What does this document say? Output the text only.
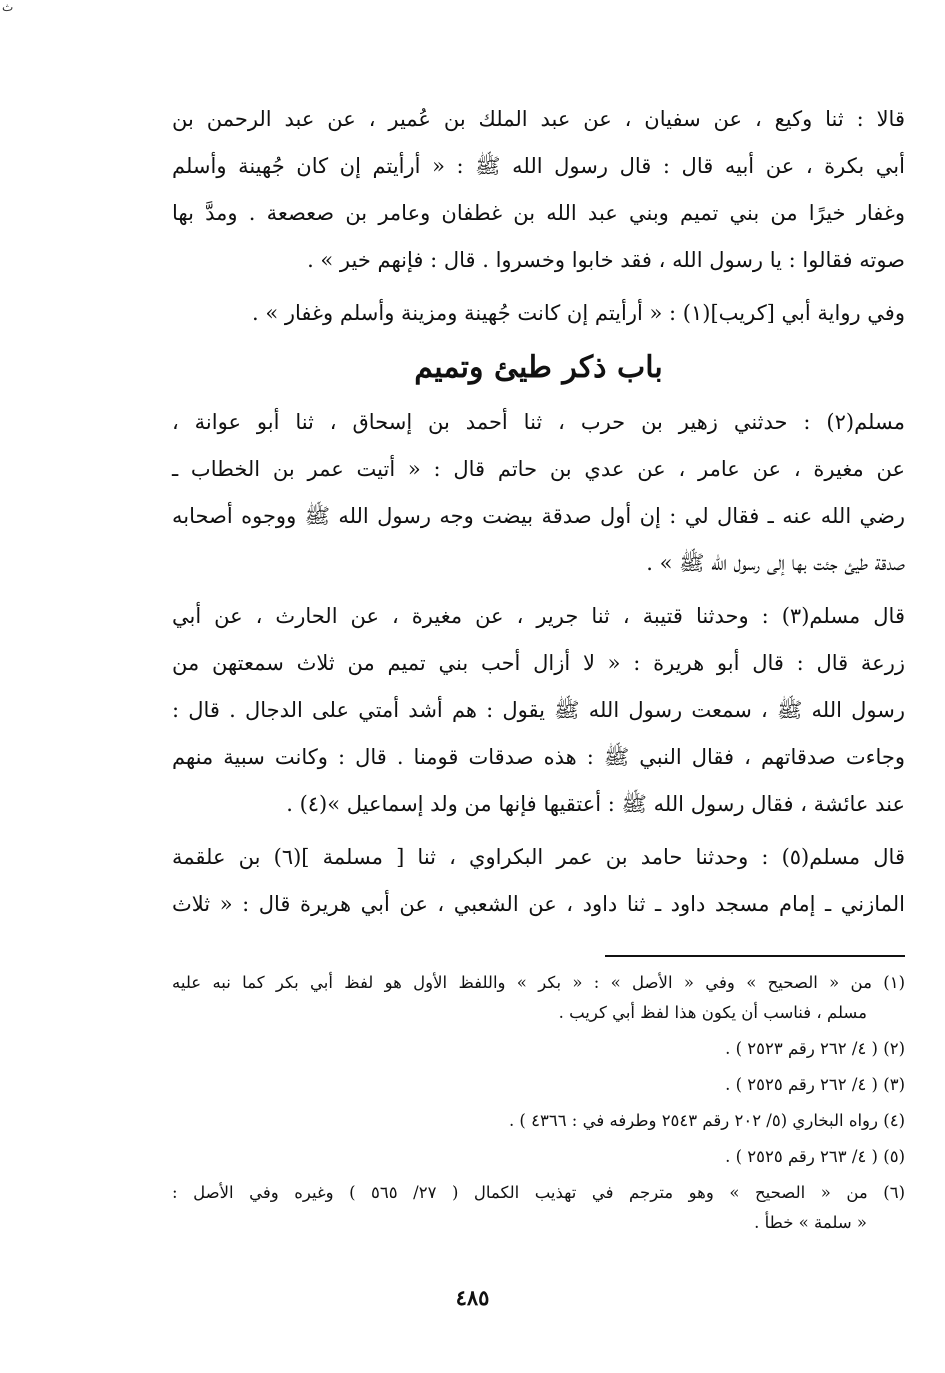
ث
قالا : ثنا وكيع ، عن سفيان ، عن عبد الملك بن عُمير ، عن عبد الرحمن بن
أبي بكرة ، عن أبيه قال : قال رسول الله ﷺ : « أرأيتم إن كان جُهينة وأسلم
وغفار خيرًا من بني تميم وبني عبد الله بن غطفان وعامر بن صعصعة . ومدَّ بها
صوته فقالوا : يا رسول الله ، فقد خابوا وخسروا . قال : فإنهم خير » .
وفي رواية أبي [كريب](١) : « أرأيتم إن كانت جُهينة ومزينة وأسلم وغفار » .
باب ذكر طيئ وتميم
مسلم(٢) : حدثني زهير بن حرب ، ثنا أحمد بن إسحاق ، ثنا أبو عوانة ،
عن مغيرة ، عن عامر ، عن عدي بن حاتم قال : « أتيت عمر بن الخطاب ـ
رضي الله عنه ـ فقال لي : إن أول صدقة بيضت وجه رسول الله ﷺ ووجوه أصحابه
صدقة طيئ جئت بها إلى رسول الله ﷺ » .
قال مسلم(٣) : وحدثنا قتيبة ، ثنا جرير ، عن مغيرة ، عن الحارث ، عن أبي
زرعة قال : قال أبو هريرة : « لا أزال أحب بني تميم من ثلاث سمعتهن من
رسول الله ﷺ ، سمعت رسول الله ﷺ يقول : هم أشد أمتي على الدجال . قال :
وجاءت صدقاتهم ، فقال النبي ﷺ : هذه صدقات قومنا . قال : وكانت سبية منهم
عند عائشة ، فقال رسول الله ﷺ : أعتقيها فإنها من ولد إسماعيل »(٤) .
قال مسلم(٥) : وحدثنا حامد بن عمر البكراوي ، ثنا [ مسلمة ](٦) بن علقمة
المازني ـ إمام مسجد داود ـ ثنا داود ، عن الشعبي ، عن أبي هريرة قال : « ثلاث
(١) من « الصحيح » وفي « الأصل » : « بكر » واللفظ الأول هو لفظ أبي بكر كما نبه عليه
مسلم ، فناسب أن يكون هذا لفظ أبي كريب .
(٢) ( ٤/ ٢٦٢ رقم ٢٥٢٣ ) .
(٣) ( ٤/ ٢٦٢ رقم ٢٥٢٥ ) .
(٤) رواه البخاري (٥/ ٢٠٢ رقم ٢٥٤٣ وطرفه في : ٤٣٦٦ ) .
(٥) ( ٤/ ٢٦٣ رقم ٢٥٢٥ ) .
(٦) من « الصحيح » وهو مترجم في تهذيب الكمال ( ٢٧/ ٥٦٥ ) وغيره وفي الأصل :
« سلمة » خطأ .
٤٨٥
